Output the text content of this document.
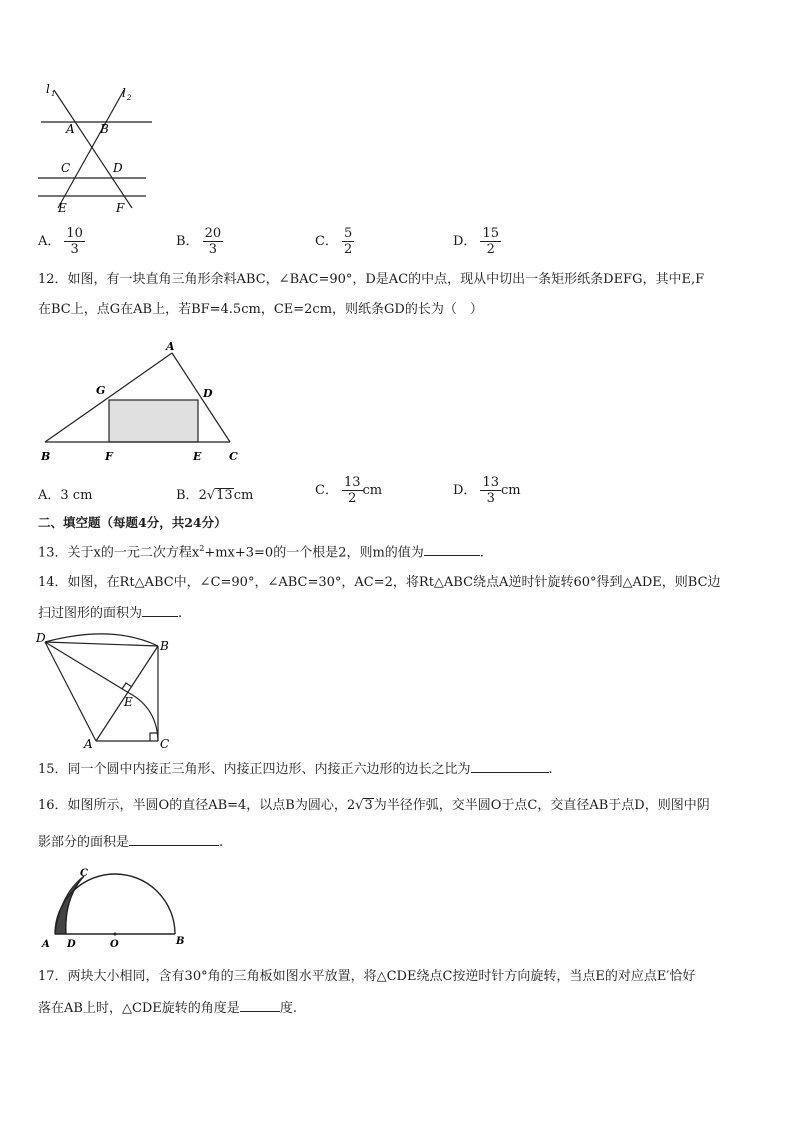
l 1	l 2
A B
C	D
E	F
A． $\frac{10}{3}$	B． $\frac{20}{3}$	C． $\frac{5}{2}$	D． $\frac{15}{2}$
12．如图，有一块直角三角形余料ABC，∠BAC=90°，D是AC的中点，现从中切出一条矩形纸条DEFG，其中E,F
在BC上，点G在AB上，若BF=4.5cm，CE=2cm，则纸条GD的长为（　）
A
G	D
B	F	E	C
A．3 cm	B．2√13cm	C． $\frac{13}{2}$ cm	D． $\frac{13}{3}$ cm
二、填空题（每题4分，共24分）
13．关于x的一元二次方程$x^2+mx+3=0$的一个根是2，则m的值为	.
14．如图，在Rt△ABC中，∠C=90°，∠ABC=30°，AC=2，将Rt△ABC绕点A逆时针旋转60°得到△ADE，则BC边
扫过图形的面积为	.
D
B
E
A	C
15．同一个圆中内接正三角形、内接正四边形、内接正六边形的边长之比为	.
16．如图所示，半圆O的直径AB=4，以点B为圆心，2√3为半径作弧，交半圆O于点C，交直径AB于点D，则图中阴
影部分的面积是	.
C
A D	O	B
17．两块大小相同，含有30°角的三角板如图水平放置，将△CDE绕点C按逆时针方向旋转，当点E的对应点E′恰好
落在AB上时，△CDE旋转的角度是	度.
